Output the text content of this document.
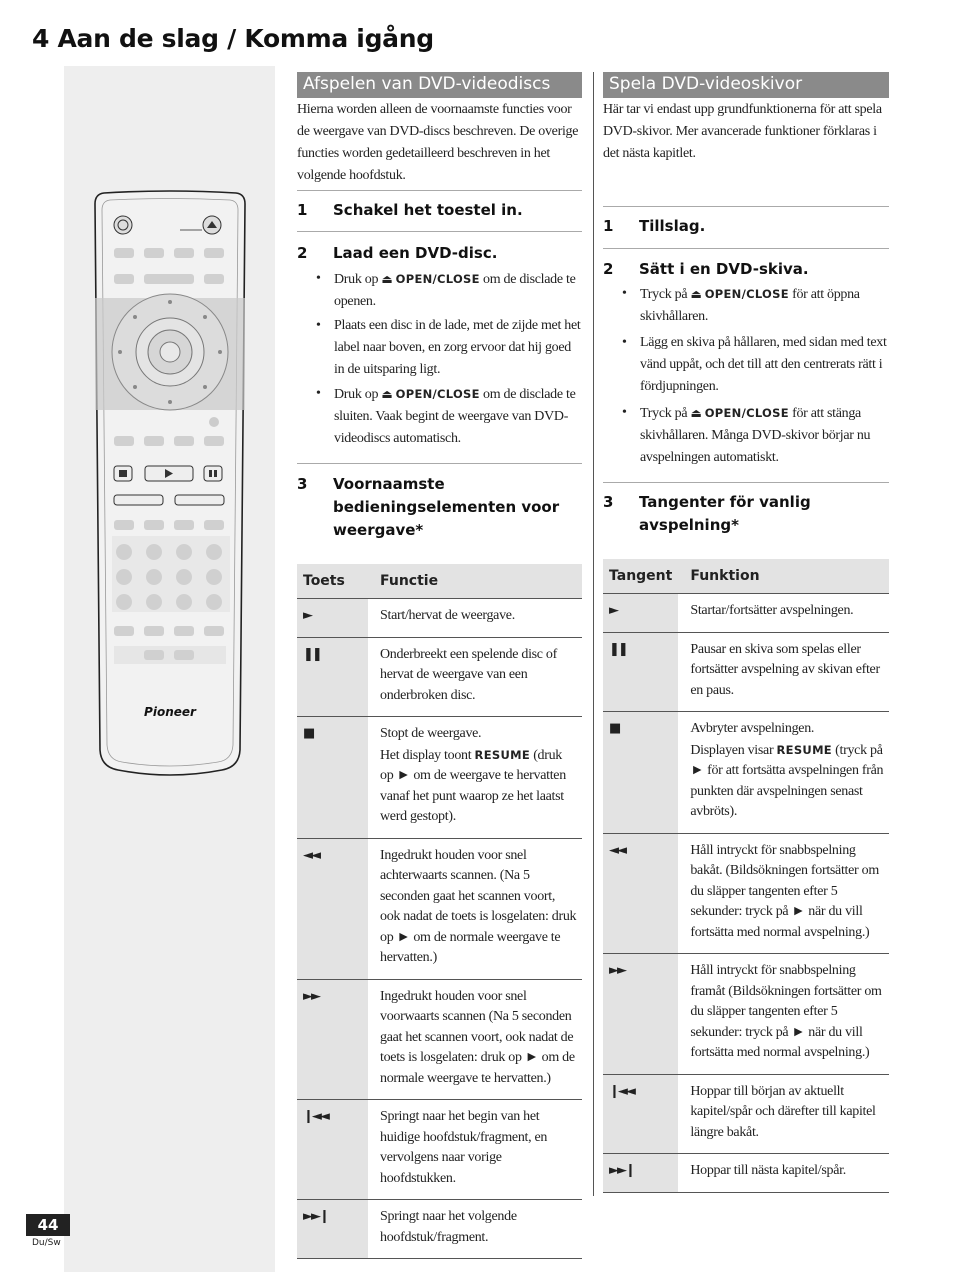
4 Aan de slag / Komma igång
44
Du/Sw
Pioneer
Afspelen van DVD-videodiscs
Hierna worden alleen de voornaamste functies voor de weergave van DVD-discs beschreven. De overige functies worden gedetailleerd beschreven in het volgende hoofdstuk.
1	Schakel het toestel in.
2	Laad een DVD-disc.
• Druk op ⏏ OPEN/CLOSE om de disclade te openen.
• Plaats een disc in de lade, met de zijde met het label naar boven, en zorg ervoor dat hij goed in de uitsparing ligt.
• Druk op ⏏ OPEN/CLOSE om de disclade te sluiten. Vaak begint de weergave van DVD-videodiscs automatisch.
3	Voornaamste bedieningselementen voor weergave*
Toets	Functie
►	Start/hervat de weergave.
❚❚	Onderbreekt een spelende disc of hervat de weergave van een onderbroken disc.
■	Stopt de weergave.
Het display toont RESUME (druk op ► om de weergave te hervatten vanaf het punt waarop ze het laatst werd gestopt).
◄◄	Ingedrukt houden voor snel achterwaarts scannen. (Na 5 seconden gaat het scannen voort, ook nadat de toets is losgelaten: druk op ► om de normale weergave te hervatten.)
►►	Ingedrukt houden voor snel voorwaarts scannen (Na 5 seconden gaat het scannen voort, ook nadat de toets is losgelaten: druk op ► om de normale weergave te hervatten.)
❙◄◄	Springt naar het begin van het huidige hoofdstuk/fragment, en vervolgens naar vorige hoofdstukken.
►►❙	Springt naar het volgende hoofdstuk/fragment.
Spela DVD-videoskivor
Här tar vi endast upp grundfunktionerna för att spela DVD-skivor. Mer avancerade funktioner förklaras i det nästa kapitlet.
1	Tillslag.
2	Sätt i en DVD-skiva.
• Tryck på ⏏ OPEN/CLOSE för att öppna skivhållaren.
• Lägg en skiva på hållaren, med sidan med text vänd uppåt, och det till att den centrerats rätt i fördjupningen.
• Tryck på ⏏ OPEN/CLOSE för att stänga skivhållaren. Många DVD-skivor börjar nu avspelningen automatiskt.
3	Tangenter för vanlig avspelning*
Tangent	Funktion
►	Startar/fortsätter avspelningen.
❚❚	Pausar en skiva som spelas eller fortsätter avspelning av skivan efter en paus.
■	Avbryter avspelningen.
Displayen visar RESUME (tryck på ► för att fortsätta avspelningen från punkten där avspelningen senast avbröts).
◄◄	Håll intryckt för snabbspelning bakåt. (Bildsökningen fortsätter om du släpper tangenten efter 5 sekunder: tryck på ► när du vill fortsätta med normal avspelning.)
►►	Håll intryckt för snabbspelning framåt (Bildsökningen fortsätter om du släpper tangenten efter 5 sekunder: tryck på ► när du vill fortsätta med normal avspelning.)
❙◄◄	Hoppar till början av aktuellt kapitel/spår och därefter till kapitel längre bakåt.
►►❙	Hoppar till nästa kapitel/spår.
